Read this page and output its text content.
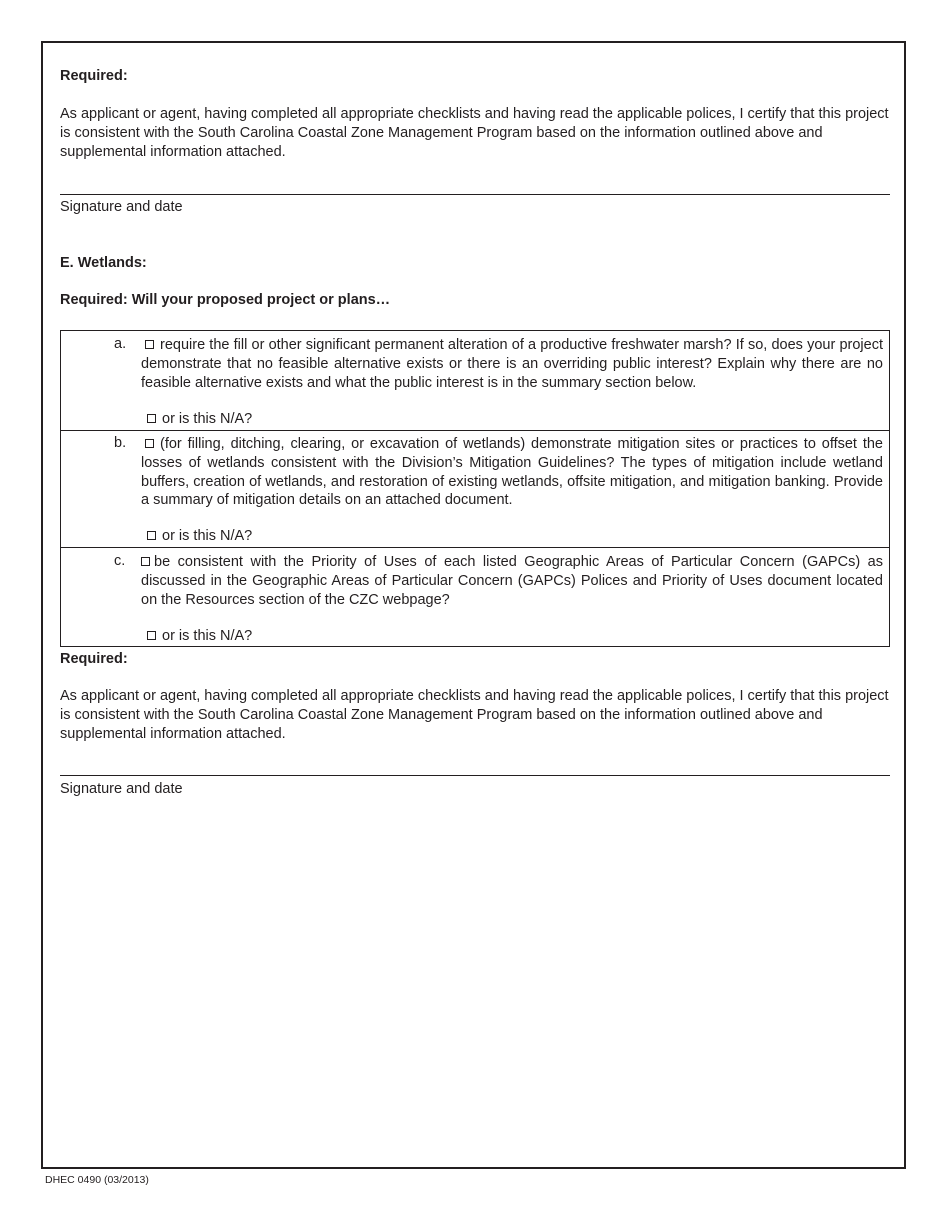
Required:

As applicant or agent, having completed all appropriate checklists and having read the applicable polices, I certify that this project is consistent with the South Carolina Coastal Zone Management Program based on the information outlined above and supplemental information attached.

Signature and date
E. Wetlands:
Required: Will your proposed project or plans…
a.	require the fill or other significant permanent alteration of a productive freshwater marsh? If so, does your project demonstrate that no feasible alternative exists or there is an overriding public interest? Explain why there are no feasible alternative exists and what the public interest is in the summary section below.
or is this N/A?
b.	(for filling, ditching, clearing, or excavation of wetlands) demonstrate mitigation sites or practices to offset the losses of wetlands consistent with the Division’s Mitigation Guidelines? The types of mitigation include wetland buffers, creation of wetlands, and restoration of existing wetlands, offsite mitigation, and mitigation banking. Provide a summary of mitigation details on an attached document.
or is this N/A?
c.	be consistent with the Priority of Uses of each listed Geographic Areas of Particular Concern (GAPCs) as discussed in the Geographic Areas of Particular Concern (GAPCs) Polices and Priority of Uses document located on the Resources section of the CZC webpage?
or is this N/A?
Required:

As applicant or agent, having completed all appropriate checklists and having read the applicable polices, I certify that this project is consistent with the South Carolina Coastal Zone Management Program based on the information outlined above and supplemental information attached.

Signature and date
DHEC 0490 (03/2013)
